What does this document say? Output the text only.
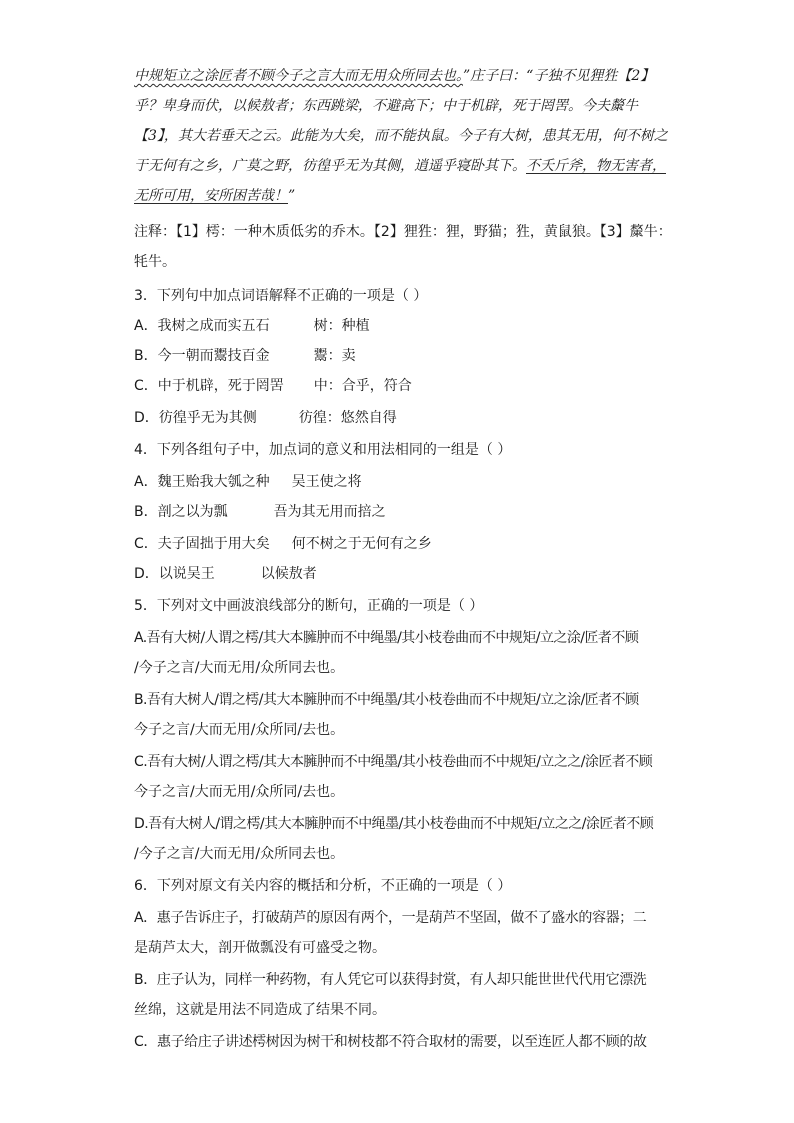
中规矩立之涂匠者不顾今子之言大而无用众所同去也。”庄子曰：“子独不见狸狌【2】
乎？卑身而伏，以候敖者；东西跳梁，不避高下；中于机辟，死于罔罟。今夫斄牛
【3】，其大若垂天之云。此能为大矣，而不能执鼠。今子有大树，患其无用，何不树之
于无何有之乡，广莫之野，彷徨乎无为其侧，逍遥乎寝卧其下。不夭斤斧，物无害者，
无所可用，安所困苦哉！”
注释：【1】樗：一种木质低劣的乔木。【2】狸狌：狸，野猫；狌，黄鼠狼。【3】斄牛：
牦牛。
3．下列句中加点词语解释不正确的一项是（ ）
A．我树之成而实五石	树：种植
B．今一朝而鬻技百金	鬻：卖
C．中于机辟，死于罔罟 中：合乎，符合
D．彷徨乎无为其侧	彷徨：悠然自得
4．下列各组句子中，加点词的意义和用法相同的一组是（ ）
A．魏王贻我大瓠之种 吴王使之将
B．剖之以为瓢	吾为其无用而掊之
C．夫子固拙于用大矣 何不树之于无何有之乡
D．以说吴王	以候敖者
5．下列对文中画波浪线部分的断句，正确的一项是（ ）
A.吾有大树/人谓之樗/其大本臃肿而不中绳墨/其小枝卷曲而不中规矩/立之涂/匠者不顾
/今子之言/大而无用/众所同去也。
B.吾有大树人/谓之樗/其大本臃肿而不中绳墨/其小枝卷曲而不中规矩/立之涂/匠者不顾
今子之言/大而无用/众所同/去也。
C.吾有大树/人谓之樗/其大本臃肿而不中绳墨/其小枝卷曲而不中规矩/立之之/涂匠者不顾
今子之言/大而无用/众所同/去也。
D.吾有大树人/谓之樗/其大本臃肿而不中绳墨/其小枝卷曲而不中规矩/立之之/涂匠者不顾
/今子之言/大而无用/众所同去也。
6．下列对原文有关内容的概括和分析，不正确的一项是（ ）
A．惠子告诉庄子，打破葫芦的原因有两个，一是葫芦不坚固，做不了盛水的容器；二
是葫芦太大，剖开做瓢没有可盛受之物。
B．庄子认为，同样一种药物，有人凭它可以获得封赏，有人却只能世世代代用它漂洗
丝绵，这就是用法不同造成了结果不同。
C．惠子给庄子讲述樗树因为树干和树枝都不符合取材的需要，以至连匠人都不顾的故
